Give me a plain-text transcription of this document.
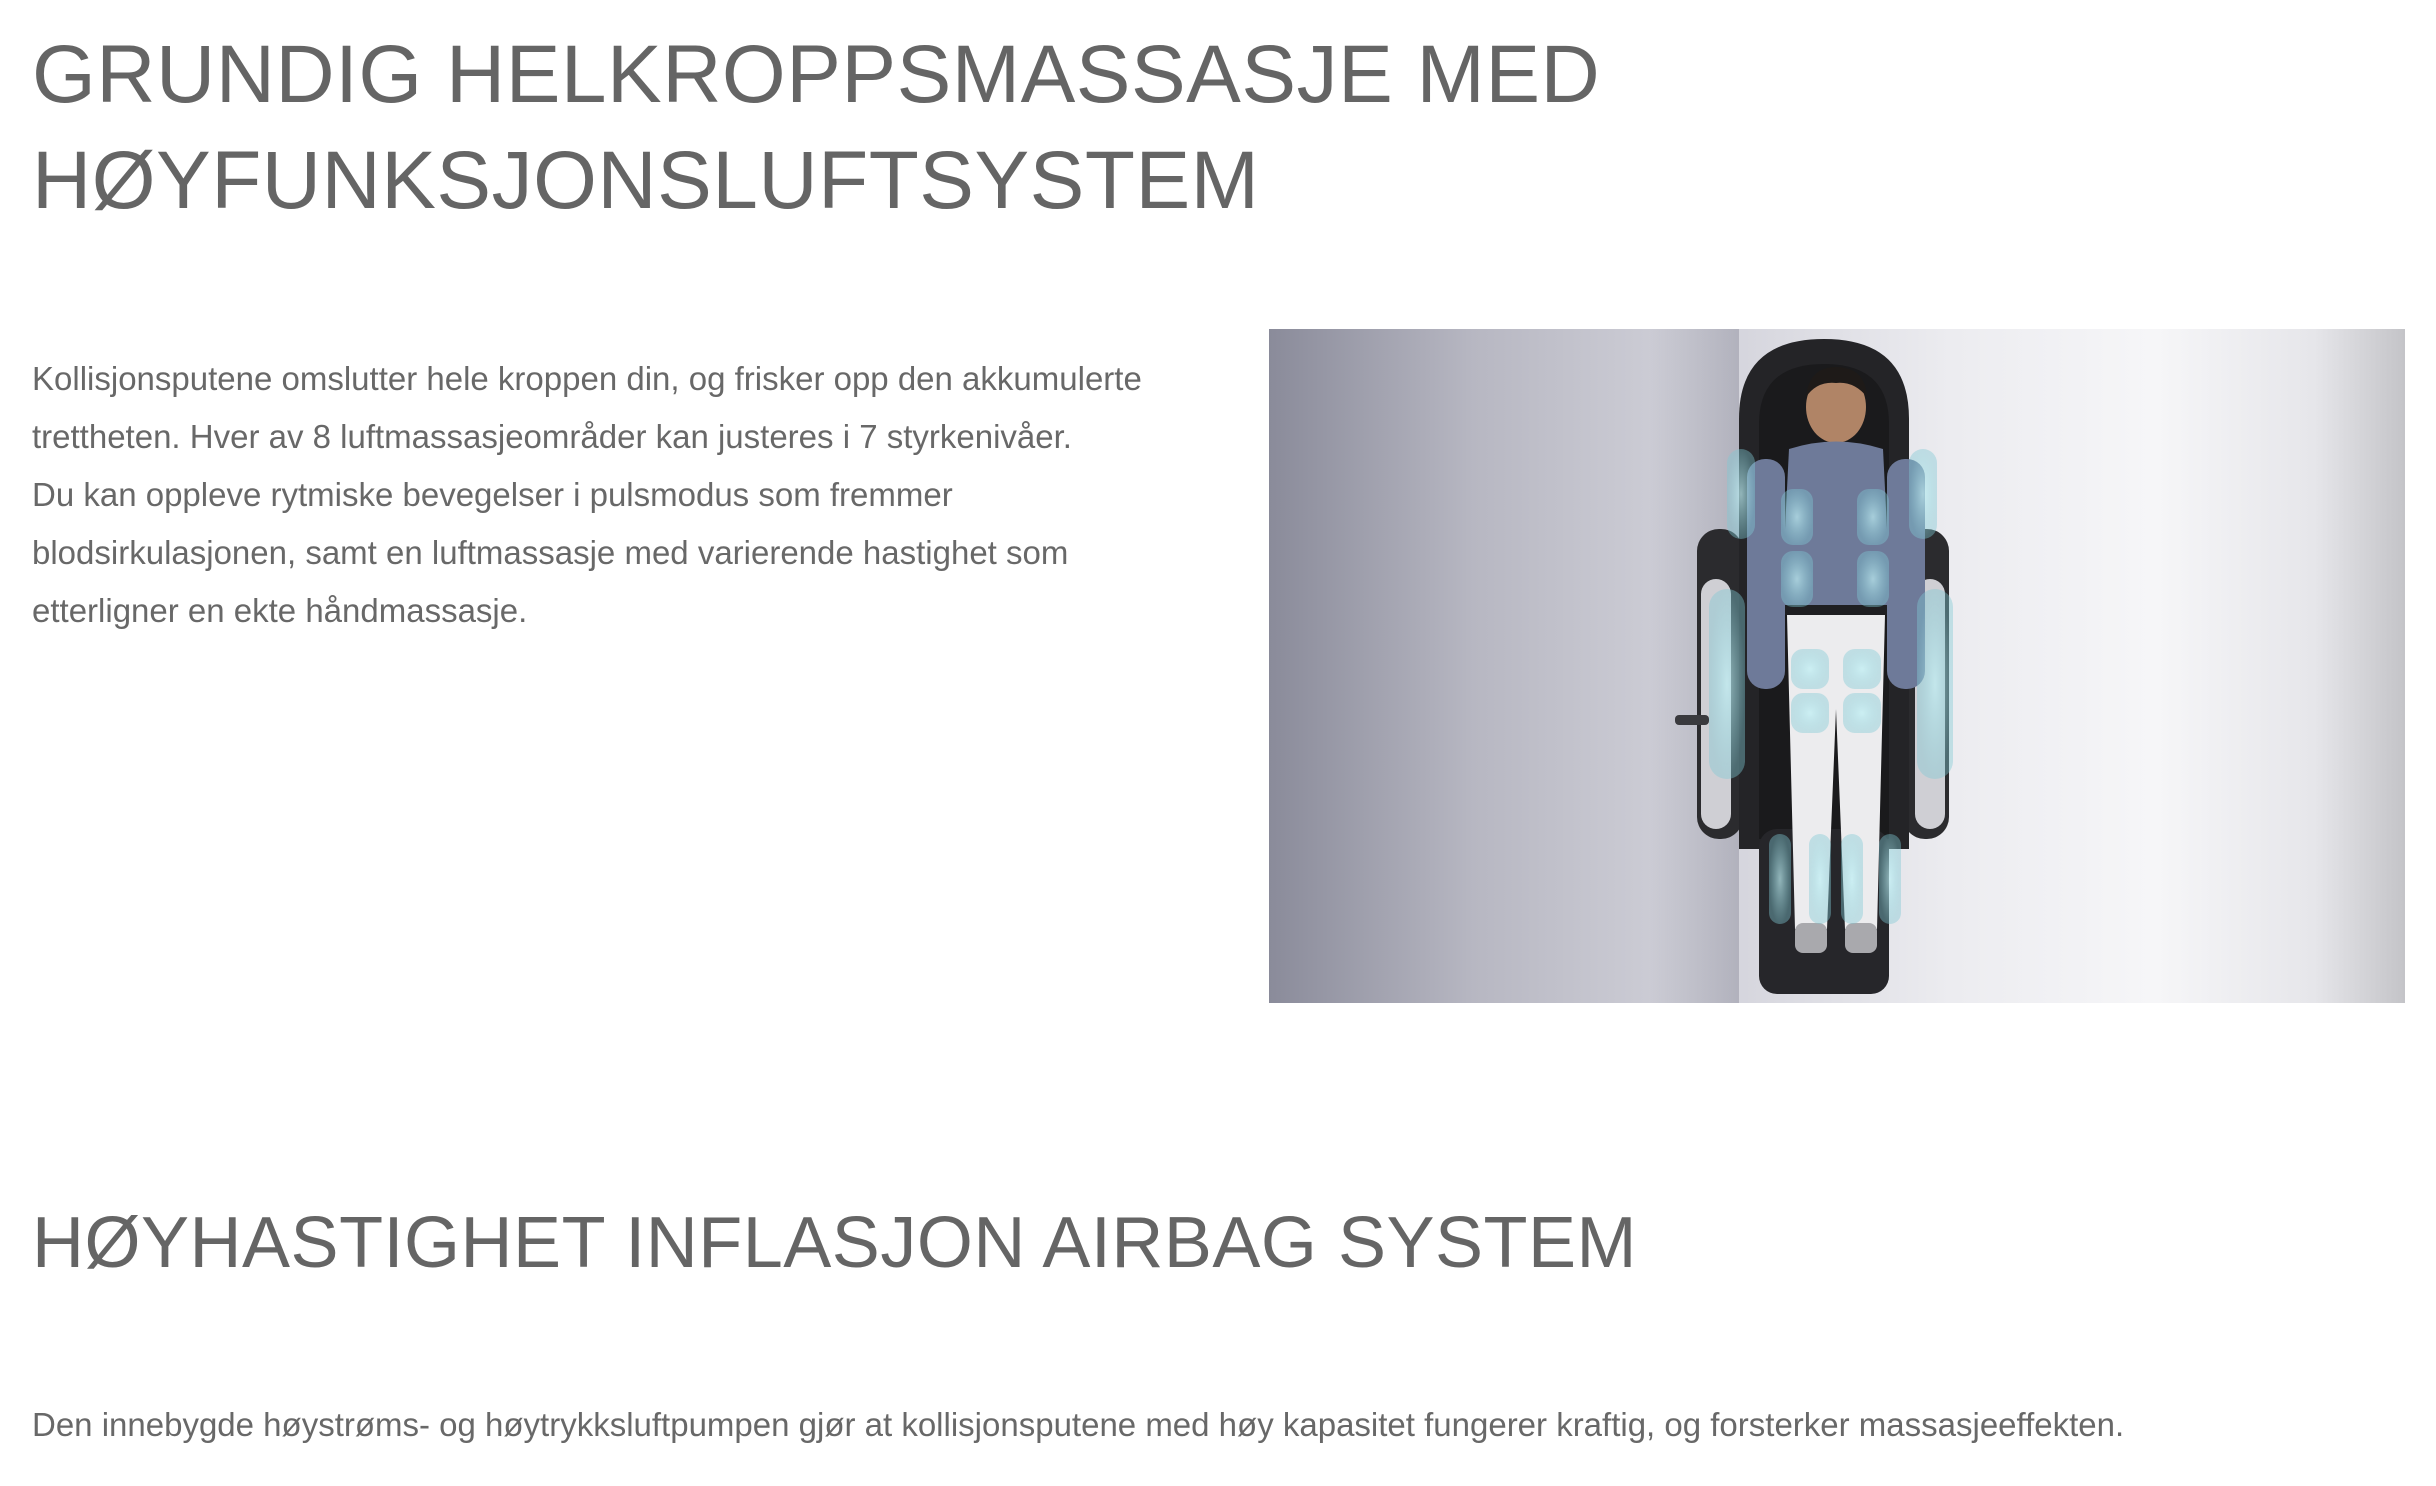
GRUNDIG HELKROPPSMASSASJE MED
HØYFUNKSJONSLUFTSYSTEM

Kollisjonsputene omslutter hele kroppen din, og frisker opp den akkumulerte trettheten. Hver av 8 luftmassasjeområder kan justeres i 7 styrkenivåer.

Du kan oppleve rytmiske bevegelser i pulsmodus som fremmer blodsirkulasjonen, samt en luftmassasje med varierende hastighet som etterligner en ekte håndmassasje.

HØYHASTIGHET INFLASJON AIRBAG SYSTEM

Den innebygde høystrøms- og høytrykksluftpumpen gjør at kollisjonsputene med høy kapasitet fungerer kraftig, og forsterker massasjeeffekten.
